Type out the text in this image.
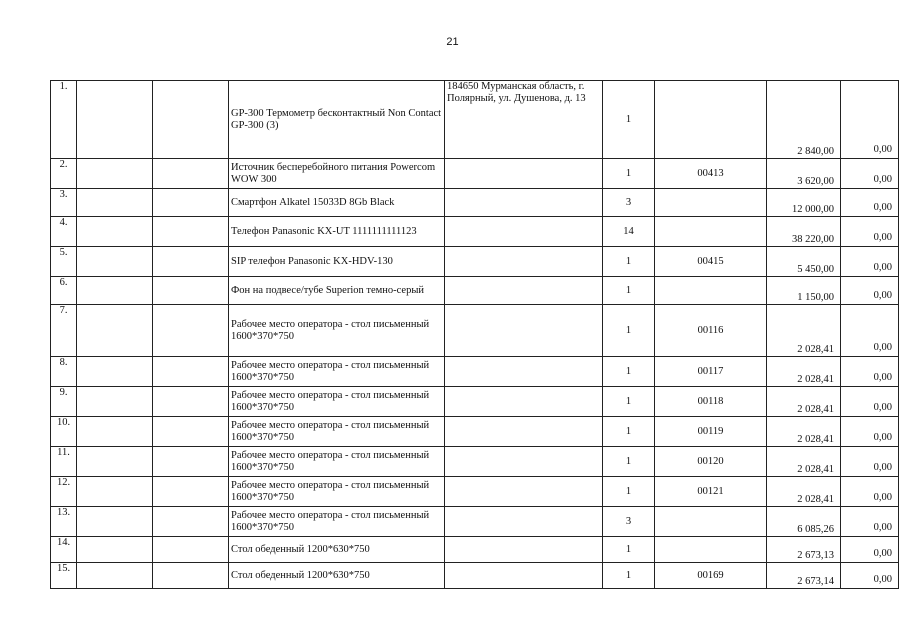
21
1.			GP-300 Термометр бесконтактный Non Contact GP-300 (3)	184650 Мурманская область, г. Полярный, ул. Душенова, д. 13	1		2 840,00	0,00
2.			Источник бесперебойного питания Powercom WOW 300		1	00413	3 620,00	0,00
3.			Смартфон Alkatel 15033D 8Gb Black		3		12 000,00	0,00
4.			Телефон Panasonic KX-UT 1111111111123		14		38 220,00	0,00
5.			SIP телефон Panasonic KX-HDV-130		1	00415	5 450,00	0,00
6.			Фон на подвесе/тубе Superion темно-серый		1		1 150,00	0,00
7.			Рабочее место оператора - стол письменный 1600*370*750		1	00116	2 028,41	0,00
8.			Рабочее место оператора - стол письменный 1600*370*750		1	00117	2 028,41	0,00
9.			Рабочее место оператора - стол письменный 1600*370*750		1	00118	2 028,41	0,00
10.			Рабочее место оператора - стол письменный 1600*370*750		1	00119	2 028,41	0,00
11.			Рабочее место оператора - стол письменный 1600*370*750		1	00120	2 028,41	0,00
12.			Рабочее место оператора - стол письменный 1600*370*750		1	00121	2 028,41	0,00
13.			Рабочее место оператора - стол письменный 1600*370*750		3		6 085,26	0,00
14.			Стол обеденный 1200*630*750		1		2 673,13	0,00
15.			Стол обеденный 1200*630*750		1	00169	2 673,14	0,00
